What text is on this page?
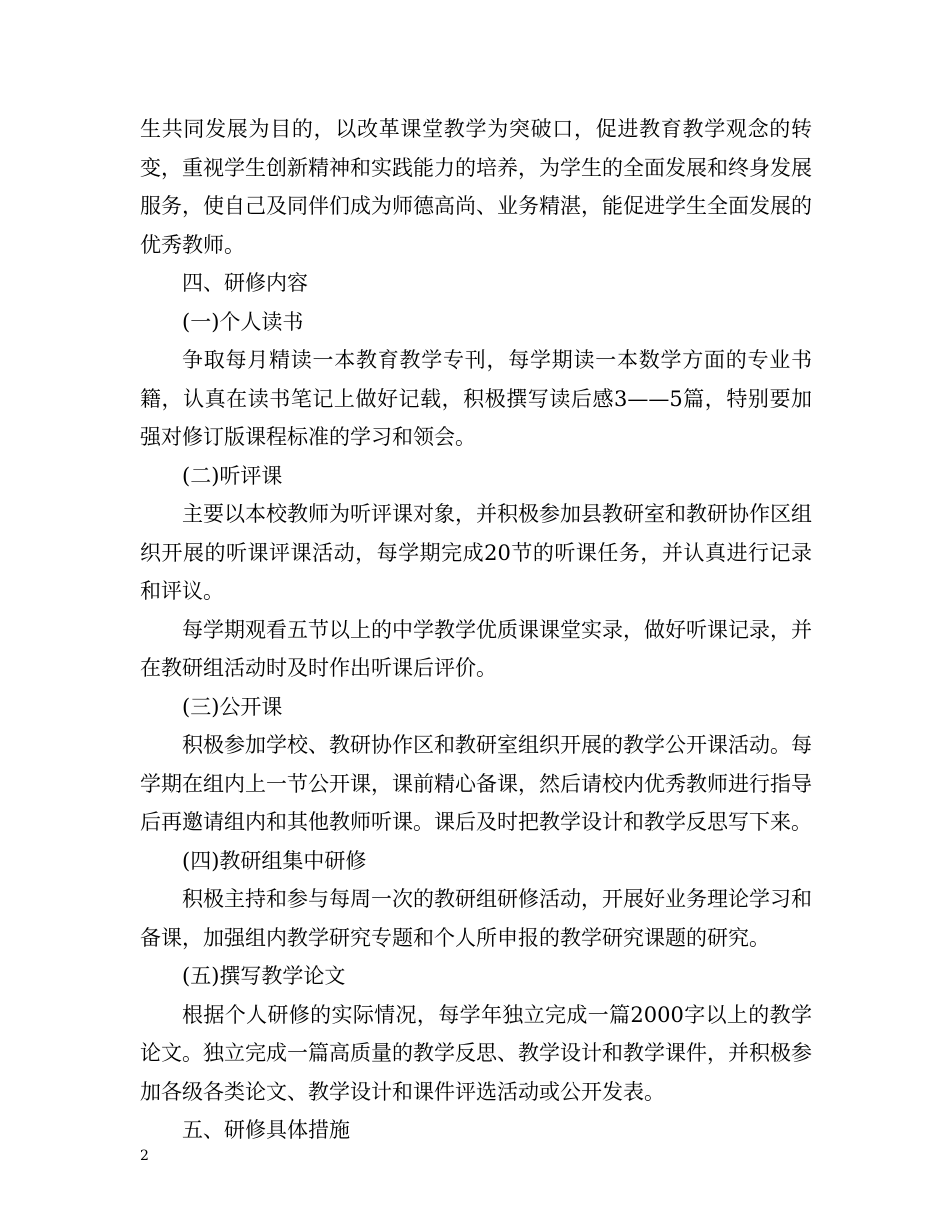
生共同发展为目的，以改革课堂教学为突破口，促进教育教学观念的转变，重视学生创新精神和实践能力的培养，为学生的全面发展和终身发展服务，使自己及同伴们成为师德高尚、业务精湛，能促进学生全面发展的优秀教师。

四、研修内容

(一)个人读书

争取每月精读一本教育教学专刊，每学期读一本数学方面的专业书籍，认真在读书笔记上做好记载，积极撰写读后感3——5篇，特别要加强对修订版课程标准的学习和领会。

(二)听评课

主要以本校教师为听评课对象，并积极参加县教研室和教研协作区组织开展的听课评课活动，每学期完成20节的听课任务，并认真进行记录和评议。

每学期观看五节以上的中学教学优质课课堂实录，做好听课记录，并在教研组活动时及时作出听课后评价。

(三)公开课

积极参加学校、教研协作区和教研室组织开展的教学公开课活动。每学期在组内上一节公开课，课前精心备课，然后请校内优秀教师进行指导后再邀请组内和其他教师听课。课后及时把教学设计和教学反思写下来。

(四)教研组集中研修

积极主持和参与每周一次的教研组研修活动，开展好业务理论学习和备课，加强组内教学研究专题和个人所申报的教学研究课题的研究。

(五)撰写教学论文

根据个人研修的实际情况，每学年独立完成一篇2000字以上的教学论文。独立完成一篇高质量的教学反思、教学设计和教学课件，并积极参加各级各类论文、教学设计和课件评选活动或公开发表。

五、研修具体措施

2
